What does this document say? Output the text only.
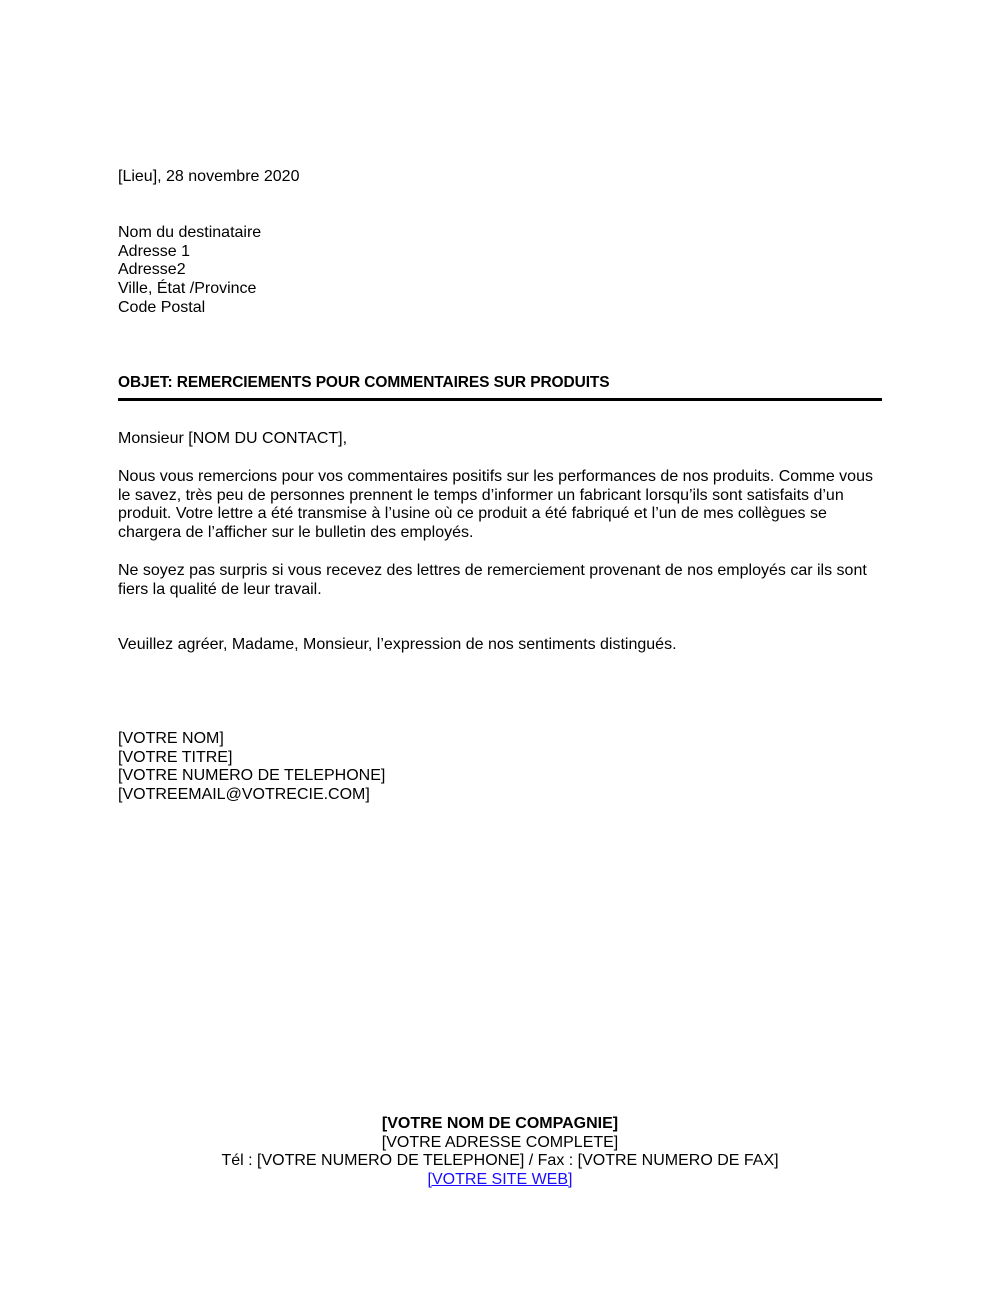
[Lieu], 28 novembre 2020
Nom du destinataire
Adresse 1
Adresse2
Ville, État /Province
Code Postal
OBJET: REMERCIEMENTS POUR COMMENTAIRES SUR PRODUITS
Monsieur [NOM DU CONTACT],
Nous vous remercions pour vos commentaires positifs sur les performances de nos produits. Comme vous le savez, très peu de personnes prennent le temps d’informer un fabricant lorsqu’ils sont satisfaits d’un produit. Votre lettre a été transmise à l’usine où ce produit a été fabriqué et l’un de mes collègues se chargera de l’afficher sur le bulletin des employés.
Ne soyez pas surpris si vous recevez des lettres de remerciement provenant de nos employés car ils sont fiers la qualité de leur travail.
Veuillez agréer, Madame, Monsieur, l’expression de nos sentiments distingués.
[VOTRE NOM]
[VOTRE TITRE]
[VOTRE NUMERO DE TELEPHONE]
[VOTREEMAIL@VOTRECIE.COM]
[VOTRE NOM DE COMPAGNIE]
[VOTRE ADRESSE COMPLETE]
Tél : [VOTRE NUMERO DE TELEPHONE] / Fax : [VOTRE NUMERO DE FAX]
[VOTRE SITE WEB]
